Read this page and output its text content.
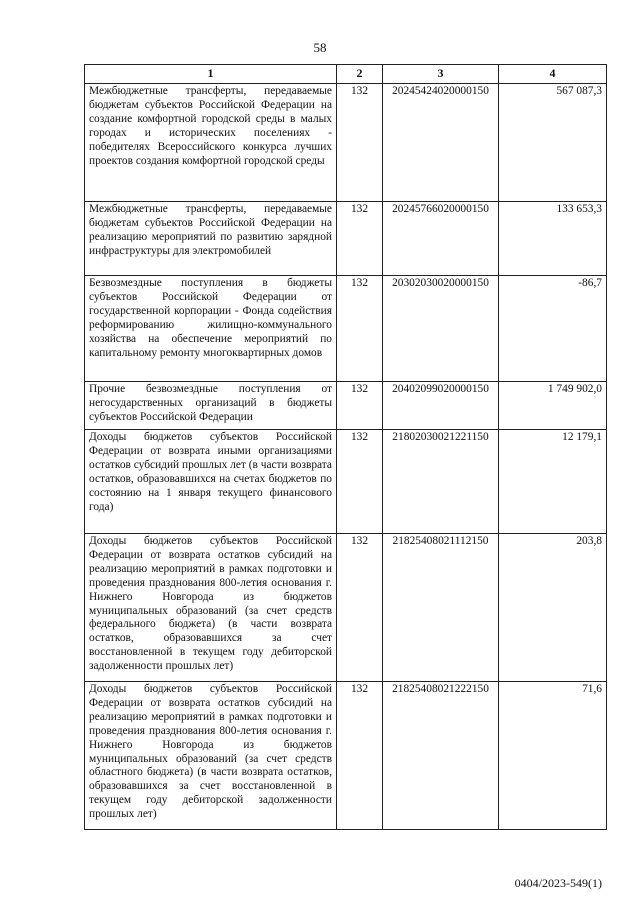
58
1	2	3	4
Межбюджетные трансферты, передаваемые бюджетам субъектов Российской Федерации на создание комфортной городской среды в малых городах и исторических поселениях - победителях Всероссийского конкурса лучших проектов создания комфортной городской среды	132	20245424020000150	567 087,3
Межбюджетные трансферты, передаваемые бюджетам субъектов Российской Федерации на реализацию мероприятий по развитию зарядной инфраструктуры для электромобилей	132	20245766020000150	133 653,3
Безвозмездные поступления в бюджеты субъектов Российской Федерации от государственной корпорации - Фонда содействия реформированию жилищно-коммунального хозяйства на обеспечение мероприятий по капитальному ремонту многоквартирных домов	132	20302030020000150	-86,7
Прочие безвозмездные поступления от негосударственных организаций в бюджеты субъектов Российской Федерации	132	20402099020000150	1 749 902,0
Доходы бюджетов субъектов Российской Федерации от возврата иными организациями остатков субсидий прошлых лет (в части возврата остатков, образовавшихся на счетах бюджетов по состоянию на 1 января текущего финансового года)	132	21802030021221150	12 179,1
Доходы бюджетов субъектов Российской Федерации от возврата остатков субсидий на реализацию мероприятий в рамках подготовки и проведения празднования 800-летия основания г. Нижнего Новгорода из бюджетов муниципальных образований (за счет средств федерального бюджета) (в части возврата остатков, образовавшихся за счет восстановленной в текущем году дебиторской задолженности прошлых лет)	132	21825408021112150	203,8
Доходы бюджетов субъектов Российской Федерации от возврата остатков субсидий на реализацию мероприятий в рамках подготовки и проведения празднования 800-летия основания г. Нижнего Новгорода из бюджетов муниципальных образований (за счет средств областного бюджета) (в части возврата остатков, образовавшихся за счет восстановленной в текущем году дебиторской задолженности прошлых лет)	132	21825408021222150	71,6
0404/2023-549(1)
